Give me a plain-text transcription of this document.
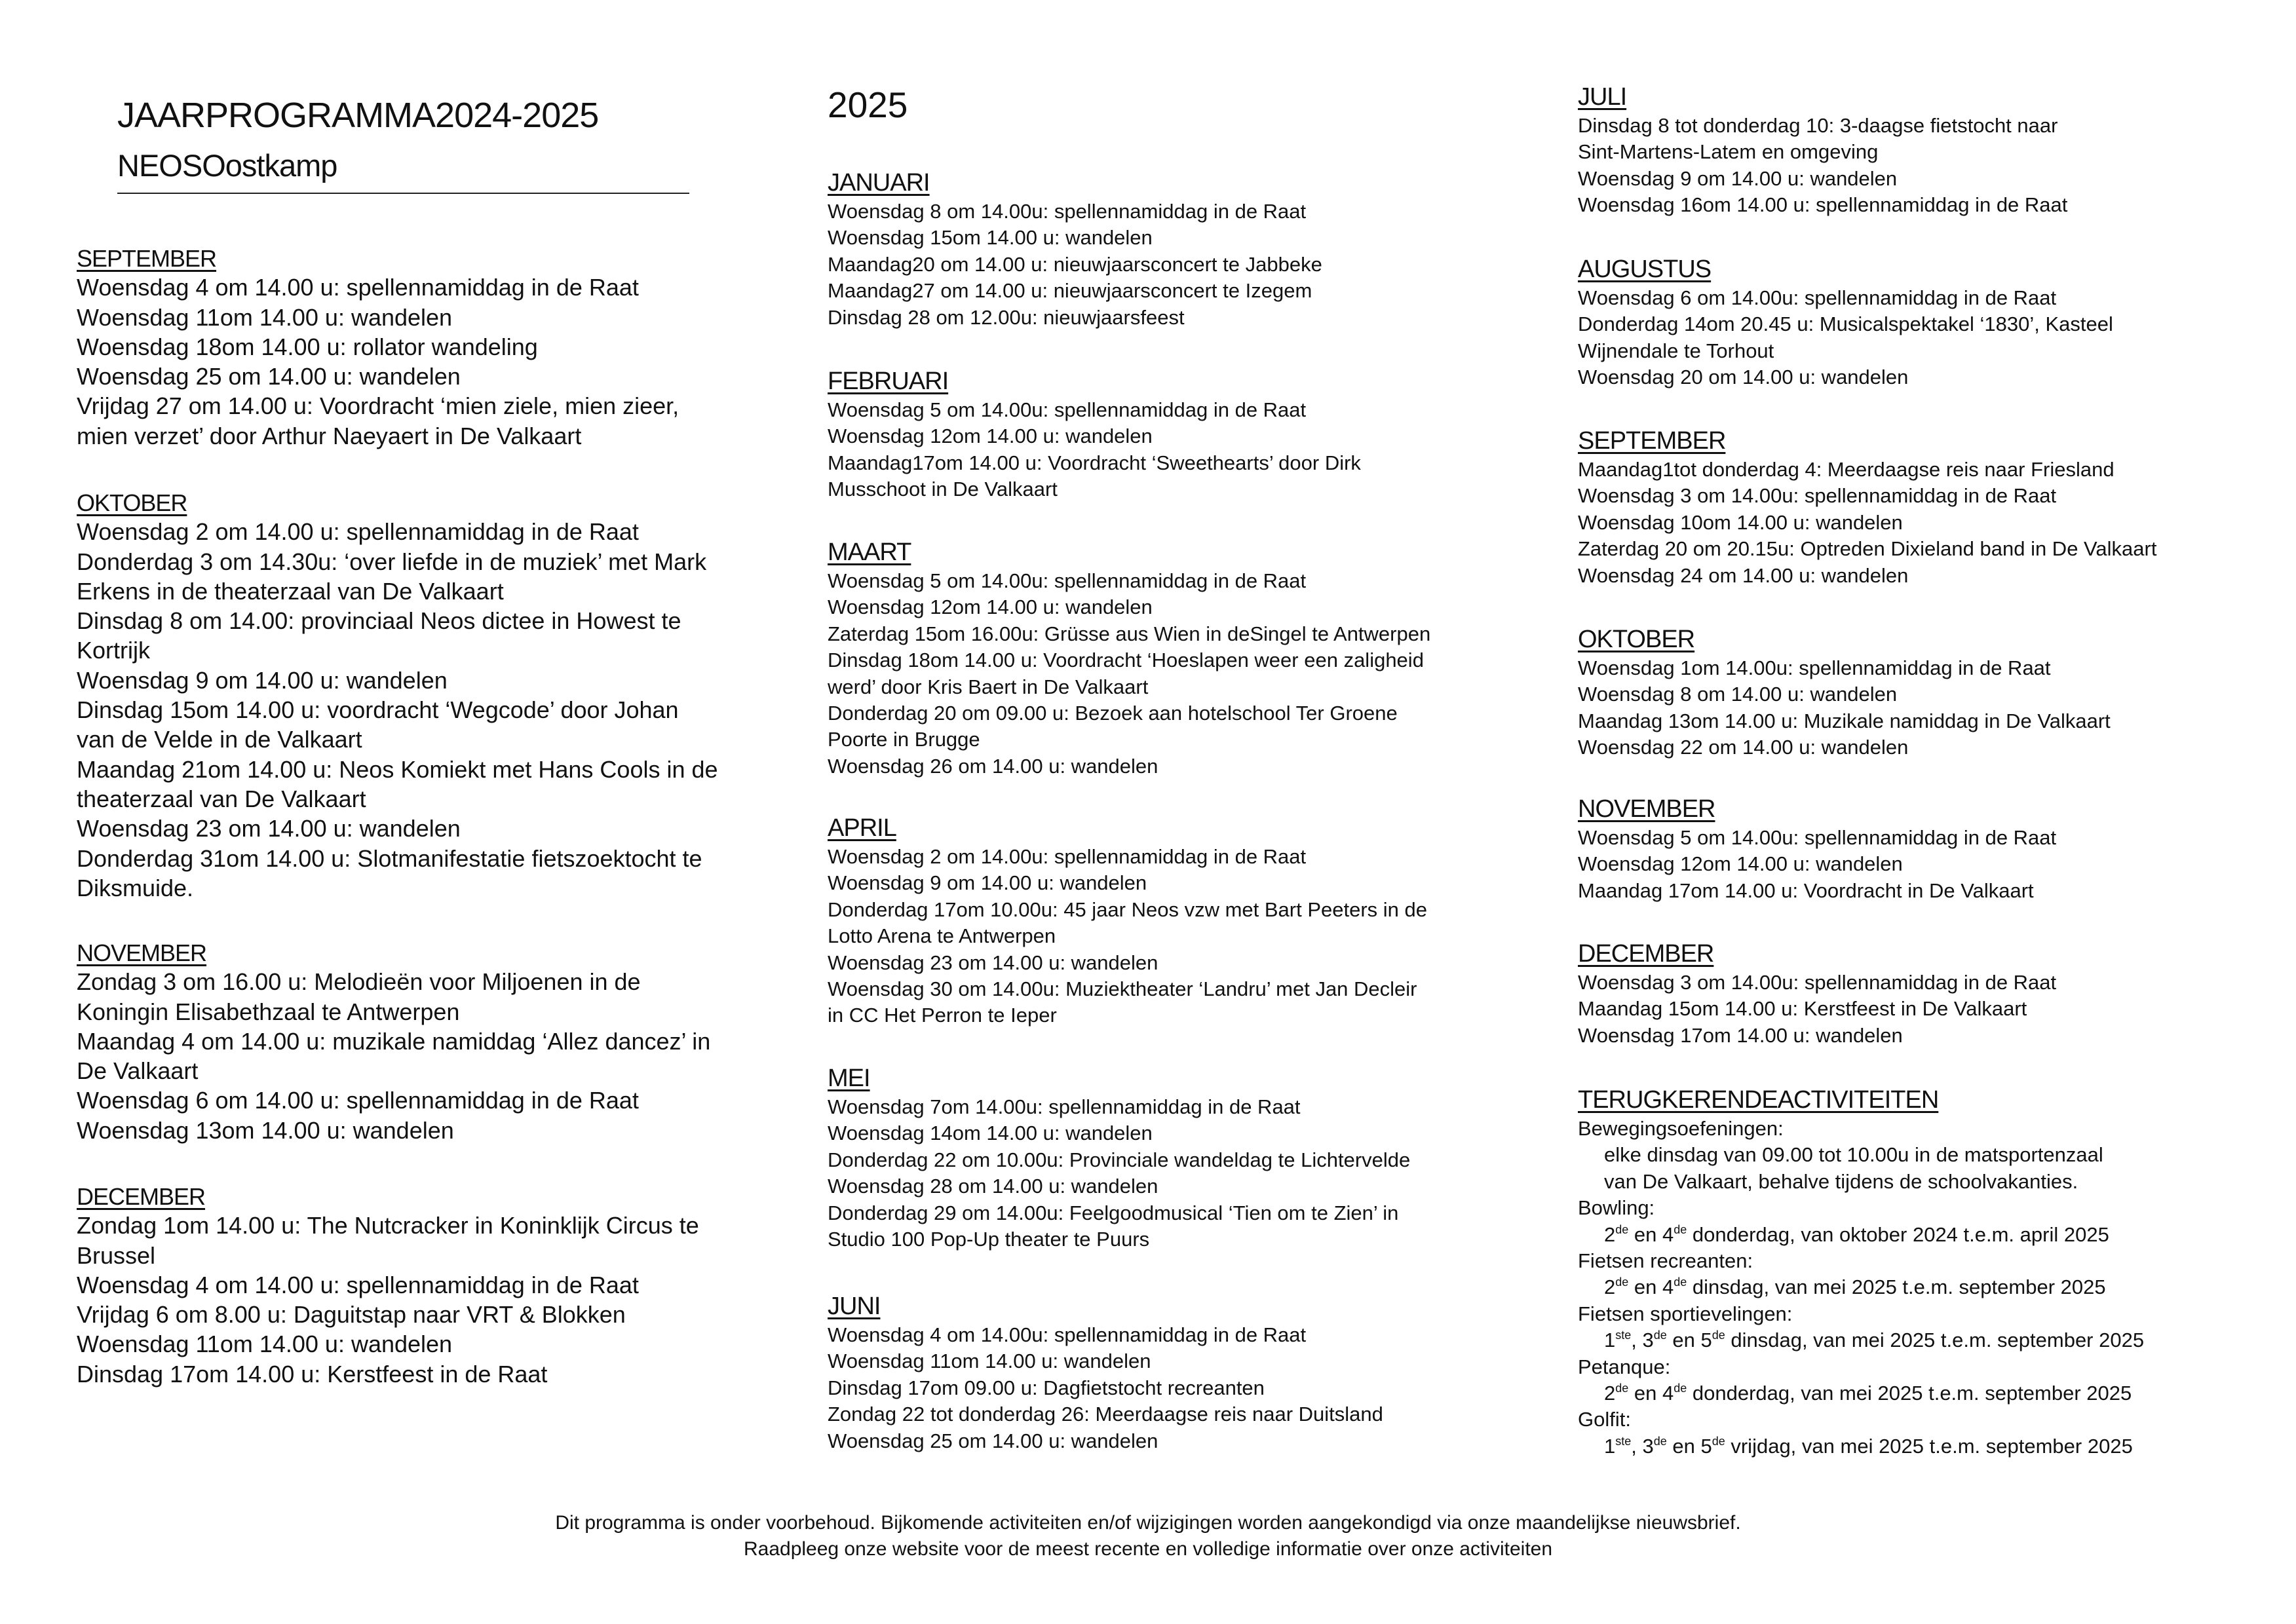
JAARPROGRAMMA2024-2025
NEOSOostkamp
SEPTEMBER
Woensdag 4 om 14.00 u: spellennamiddag in de Raat
Woensdag 11om 14.00 u: wandelen
Woensdag 18om 14.00 u: rollator wandeling
Woensdag 25 om 14.00 u: wandelen
Vrijdag 27 om 14.00 u: Voordracht ‘mien ziele, mien zieer,
mien verzet’ door Arthur Naeyaert in De Valkaart
OKTOBER
Woensdag 2 om 14.00 u: spellennamiddag in de Raat
Donderdag 3 om 14.30u: ‘over liefde in de muziek’ met Mark
Erkens in de theaterzaal van De Valkaart
Dinsdag 8 om 14.00: provinciaal Neos dictee in Howest te
Kortrijk
Woensdag 9 om 14.00 u: wandelen
Dinsdag 15om 14.00 u: voordracht ‘Wegcode’ door Johan
van de Velde in de Valkaart
Maandag 21om 14.00 u: Neos Komiekt met Hans Cools in de
theaterzaal van De Valkaart
Woensdag 23 om 14.00 u: wandelen
Donderdag 31om 14.00 u: Slotmanifestatie fietszoektocht te
Diksmuide.
NOVEMBER
Zondag 3 om 16.00 u: Melodieën voor Miljoenen in de
Koningin Elisabethzaal te Antwerpen
Maandag 4 om 14.00 u: muzikale namiddag ‘Allez dancez’ in
De Valkaart
Woensdag 6 om 14.00 u: spellennamiddag in de Raat
Woensdag 13om 14.00 u: wandelen
DECEMBER
Zondag 1om 14.00 u: The Nutcracker in Koninklijk Circus te
Brussel
Woensdag 4 om 14.00 u: spellennamiddag in de Raat
Vrijdag 6 om 8.00 u: Daguitstap naar VRT & Blokken
Woensdag 11om 14.00 u: wandelen
Dinsdag 17om 14.00 u: Kerstfeest in de Raat
2025
JANUARI
Woensdag 8 om 14.00u: spellennamiddag in de Raat
Woensdag 15om 14.00 u: wandelen
Maandag20 om 14.00 u: nieuwjaarsconcert te Jabbeke
Maandag27 om 14.00 u: nieuwjaarsconcert te Izegem
Dinsdag 28 om 12.00u: nieuwjaarsfeest
FEBRUARI
Woensdag 5 om 14.00u: spellennamiddag in de Raat
Woensdag 12om 14.00 u: wandelen
Maandag17om 14.00 u: Voordracht ‘Sweethearts’ door Dirk
Musschoot in De Valkaart
MAART
Woensdag 5 om 14.00u: spellennamiddag in de Raat
Woensdag 12om 14.00 u: wandelen
Zaterdag 15om 16.00u: Grüsse aus Wien in deSingel te Antwerpen
Dinsdag 18om 14.00 u: Voordracht ‘Hoeslapen weer een zaligheid
werd’ door Kris Baert in De Valkaart
Donderdag 20 om 09.00 u: Bezoek aan hotelschool Ter Groene
Poorte in Brugge
Woensdag 26 om 14.00 u: wandelen
APRIL
Woensdag 2 om 14.00u: spellennamiddag in de Raat
Woensdag 9 om 14.00 u: wandelen
Donderdag 17om 10.00u: 45 jaar Neos vzw met Bart Peeters in de
Lotto Arena te Antwerpen
Woensdag 23 om 14.00 u: wandelen
Woensdag 30 om 14.00u: Muziektheater ‘Landru’ met Jan Decleir
in CC Het Perron te Ieper
MEI
Woensdag 7om 14.00u: spellennamiddag in de Raat
Woensdag 14om 14.00 u: wandelen
Donderdag 22 om 10.00u: Provinciale wandeldag te Lichtervelde
Woensdag 28 om 14.00 u: wandelen
Donderdag 29 om 14.00u: Feelgoodmusical ‘Tien om te Zien’ in
Studio 100 Pop-Up theater te Puurs
JUNI
Woensdag 4 om 14.00u: spellennamiddag in de Raat
Woensdag 11om 14.00 u: wandelen
Dinsdag 17om 09.00 u: Dagfietstocht recreanten
Zondag 22 tot donderdag 26: Meerdaagse reis naar Duitsland
Woensdag 25 om 14.00 u: wandelen
JULI
Dinsdag 8 tot donderdag 10: 3-daagse fietstocht naar
Sint-Martens-Latem en omgeving
Woensdag 9 om 14.00 u: wandelen
Woensdag 16om 14.00 u: spellennamiddag in de Raat
AUGUSTUS
Woensdag 6 om 14.00u: spellennamiddag in de Raat
Donderdag 14om 20.45 u: Musicalspektakel ‘1830’, Kasteel
Wijnendale te Torhout
Woensdag 20 om 14.00 u: wandelen
SEPTEMBER
Maandag1tot donderdag 4: Meerdaagse reis naar Friesland
Woensdag 3 om 14.00u: spellennamiddag in de Raat
Woensdag 10om 14.00 u: wandelen
Zaterdag 20 om 20.15u: Optreden Dixieland band in De Valkaart
Woensdag 24 om 14.00 u: wandelen
OKTOBER
Woensdag 1om 14.00u: spellennamiddag in de Raat
Woensdag 8 om 14.00 u: wandelen
Maandag 13om 14.00 u: Muzikale namiddag in De Valkaart
Woensdag 22 om 14.00 u: wandelen
NOVEMBER
Woensdag 5 om 14.00u: spellennamiddag in de Raat
Woensdag 12om 14.00 u: wandelen
Maandag 17om 14.00 u: Voordracht in De Valkaart
DECEMBER
Woensdag 3 om 14.00u: spellennamiddag in de Raat
Maandag 15om 14.00 u: Kerstfeest in De Valkaart
Woensdag 17om 14.00 u: wandelen
TERUGKERENDEACTIVITEITEN
Bewegingsoefeningen:
elke dinsdag van 09.00 tot 10.00u in de matsportenzaal
van De Valkaart, behalve tijdens de schoolvakanties.
Bowling:
2de en 4de donderdag, van oktober 2024 t.e.m. april 2025
Fietsen recreanten:
2de en 4de dinsdag, van mei 2025 t.e.m. september 2025
Fietsen sportievelingen:
1ste, 3de en 5de dinsdag, van mei 2025 t.e.m. september 2025
Petanque:
2de en 4de donderdag, van mei 2025 t.e.m. september 2025
Golfit:
1ste, 3de en 5de vrijdag, van mei 2025 t.e.m. september 2025
Dit programma is onder voorbehoud. Bijkomende activiteiten en/of wijzigingen worden aangekondigd via onze maandelijkse nieuwsbrief.
Raadpleeg onze website voor de meest recente en volledige informatie over onze activiteiten
